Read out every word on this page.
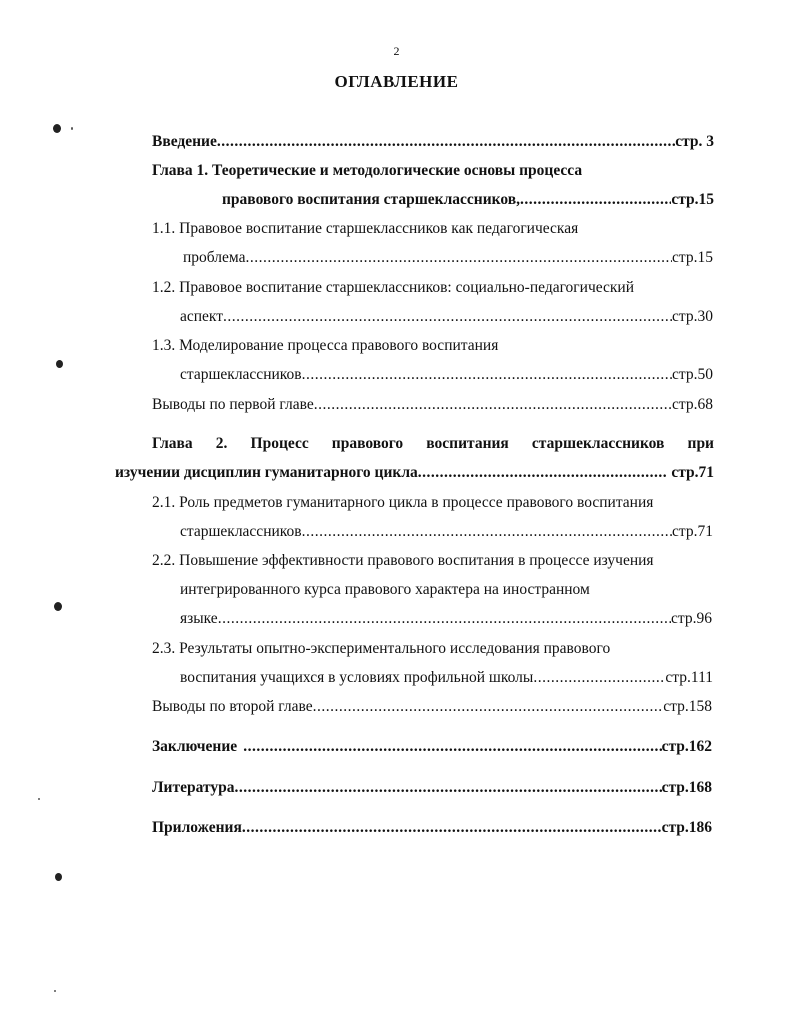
2
ОГЛАВЛЕНИЕ
Введение .....	стр. 3
Глава 1. Теоретические и методологические основы процесса
правового воспитания старшеклассников, .....	стр.15
1.1. Правовое воспитание старшеклассников как педагогическая
проблема .....	стр.15
1.2. Правовое воспитание старшеклассников: социально-педагогический
аспект .....	стр.30
1.3. Моделирование процесса правового воспитания
старшеклассников .....	стр.50
Выводы по первой главе .....	стр.68
Глава 2. Процесс правового воспитания старшеклассников при
изучении дисциплин гуманитарного цикла .....	стр.71
2.1. Роль предметов гуманитарного цикла в процессе правового воспитания
старшеклассников .....	стр.71
2.2. Повышение эффективности правового воспитания в процессе изучения
интегрированного курса правового характера на иностранном
языке .....	стр.96
2.3. Результаты опытно-экспериментального исследования правового
воспитания учащихся в условиях профильной школы .....	стр.111
Выводы по второй главе .....	стр.158
Заключение .....	стр.162
Литература .....	стр.168
Приложения .....	стр.186
